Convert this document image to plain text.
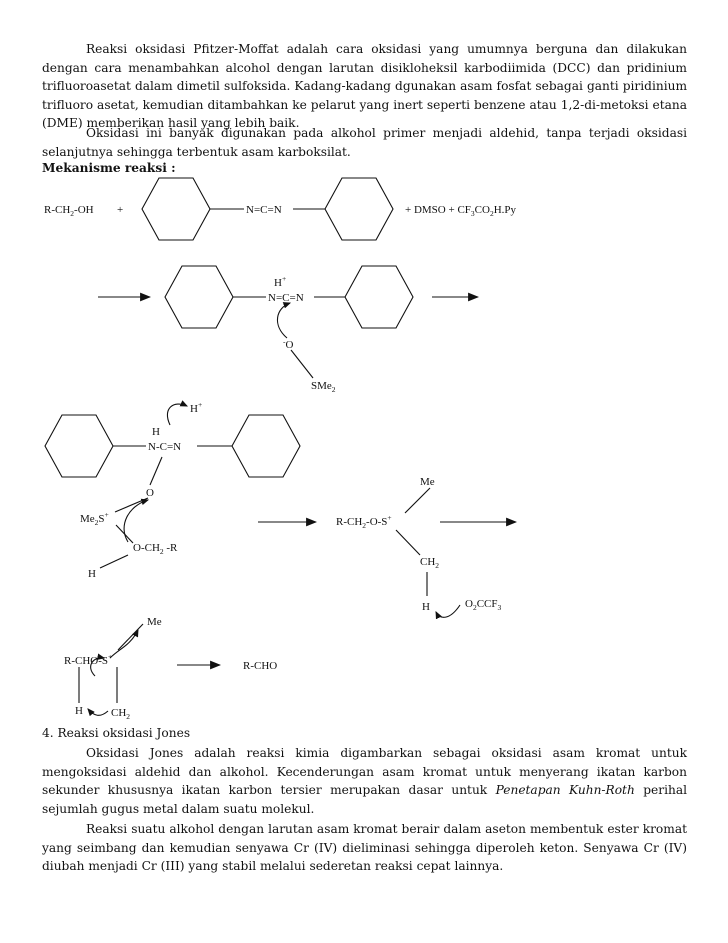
Reaksi oksidasi Pfitzer-Moffat adalah cara oksidasi yang umumnya berguna dan dilakukan dengan cara menambahkan alcohol dengan larutan disikloheksil karbodiimida (DCC) dan pridinium trifluoroasetat dalam dimetil sulfoksida. Kadang-kadang dgunakan asam fosfat sebagai ganti piridinium trifluoro asetat, kemudian ditambahkan ke pelarut yang inert seperti benzene atau 1,2-di-metoksi etana (DME) memberikan hasil yang lebih baik.

Oksidasi ini banyak digunakan pada alkohol primer menjadi aldehid, tanpa terjadi oksidasi selanjutnya sehingga terbentuk asam karboksilat.

Mekanisme reaksi :

$R-CH_2-OH$ +	N=C=N	+ DMSO + $CF_3CO_2H.Py$
H+
N=C=N
-O
SMe$_2$
H+
H
N-C=N
O
$Me_2S^+$
$O-CH_2$ -R
H
Me
$R-CH_2-O-S^+$
$CH_2$
H	$O_2CCF_3$
Me
R-CHO-S+
H	$CH_2$
R-CHO

4. Reaksi oksidasi Jones

Oksidasi Jones adalah reaksi kimia digambarkan sebagai oksidasi asam kromat untuk mengoksidasi aldehid dan alkohol. Kecenderungan asam kromat untuk menyerang ikatan karbon sekunder khususnya ikatan karbon tersier merupakan dasar untuk Penetapan Kuhn-Roth perihal sejumlah gugus metal dalam suatu molekul.

Reaksi suatu alkohol dengan larutan asam kromat berair dalam aseton membentuk ester kromat yang seimbang dan kemudian senyawa Cr (IV) dieliminasi sehingga diperoleh keton. Senyawa Cr (IV) diubah menjadi Cr (III) yang stabil melalui sederetan reaksi cepat lainnya.
